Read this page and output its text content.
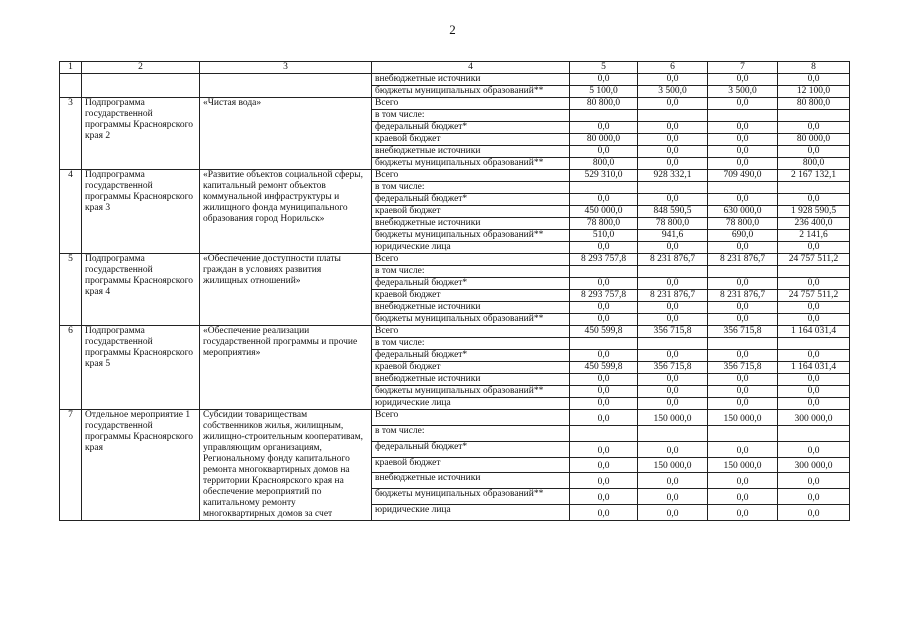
2
1	2	3	4	5	6	7	8
			внебюджетные источники	0,0	0,0	0,0	0,0
			бюджеты муниципальных образований**	5 100,0	3 500,0	3 500,0	12 100,0
3	Подпрограмма государственной программы Красноярского края 2	«Чистая вода»	Всего	80 800,0	0,0	0,0	80 800,0
			в том числе:				
			федеральный бюджет*	0,0	0,0	0,0	0,0
			краевой бюджет	80 000,0	0,0	0,0	80 000,0
			внебюджетные источники	0,0	0,0	0,0	0,0
			бюджеты муниципальных образований**	800,0	0,0	0,0	800,0
4	Подпрограмма государственной программы Красноярского края 3	«Развитие объектов социальной сферы, капитальный ремонт объектов коммунальной инфраструктуры и жилищного фонда муниципального образования город Норильск»	Всего	529 310,0	928 332,1	709 490,0	2 167 132,1
			в том числе:				
			федеральный бюджет*	0,0	0,0	0,0	0,0
			краевой бюджет	450 000,0	848 590,5	630 000,0	1 928 590,5
			внебюджетные источники	78 800,0	78 800,0	78 800,0	236 400,0
			бюджеты муниципальных образований**	510,0	941,6	690,0	2 141,6
			юридические лица	0,0	0,0	0,0	0,0
5	Подпрограмма государственной программы Красноярского края 4	«Обеспечение доступности платы граждан в условиях развития жилищных отношений»	Всего	8 293 757,8	8 231 876,7	8 231 876,7	24 757 511,2
			в том числе:				
			федеральный бюджет*	0,0	0,0	0,0	0,0
			краевой бюджет	8 293 757,8	8 231 876,7	8 231 876,7	24 757 511,2
			внебюджетные источники	0,0	0,0	0,0	0,0
			бюджеты муниципальных образований**	0,0	0,0	0,0	0,0
6	Подпрограмма государственной программы Красноярского края 5	«Обеспечение реализации государственной программы и прочие мероприятия»	Всего	450 599,8	356 715,8	356 715,8	1 164 031,4
			в том числе:				
			федеральный бюджет*	0,0	0,0	0,0	0,0
			краевой бюджет	450 599,8	356 715,8	356 715,8	1 164 031,4
			внебюджетные источники	0,0	0,0	0,0	0,0
			бюджеты муниципальных образований**	0,0	0,0	0,0	0,0
			юридические лица	0,0	0,0	0,0	0,0
7	Отдельное мероприятие 1 государственной программы Красноярского края	Субсидии товариществам собственников жилья, жилищным, жилищно-строительным кооперативам, управляющим организациям, Региональному фонду капитального ремонта многоквартирных домов на территории Красноярского края на обеспечение мероприятий по капитальному ремонту многоквартирных домов за счет	Всего	0,0	150 000,0	150 000,0	300 000,0
			в том числе:				
			федеральный бюджет*	0,0	0,0	0,0	0,0
			краевой бюджет	0,0	150 000,0	150 000,0	300 000,0
			внебюджетные источники	0,0	0,0	0,0	0,0
			бюджеты муниципальных образований**	0,0	0,0	0,0	0,0
			юридические лица	0,0	0,0	0,0	0,0
